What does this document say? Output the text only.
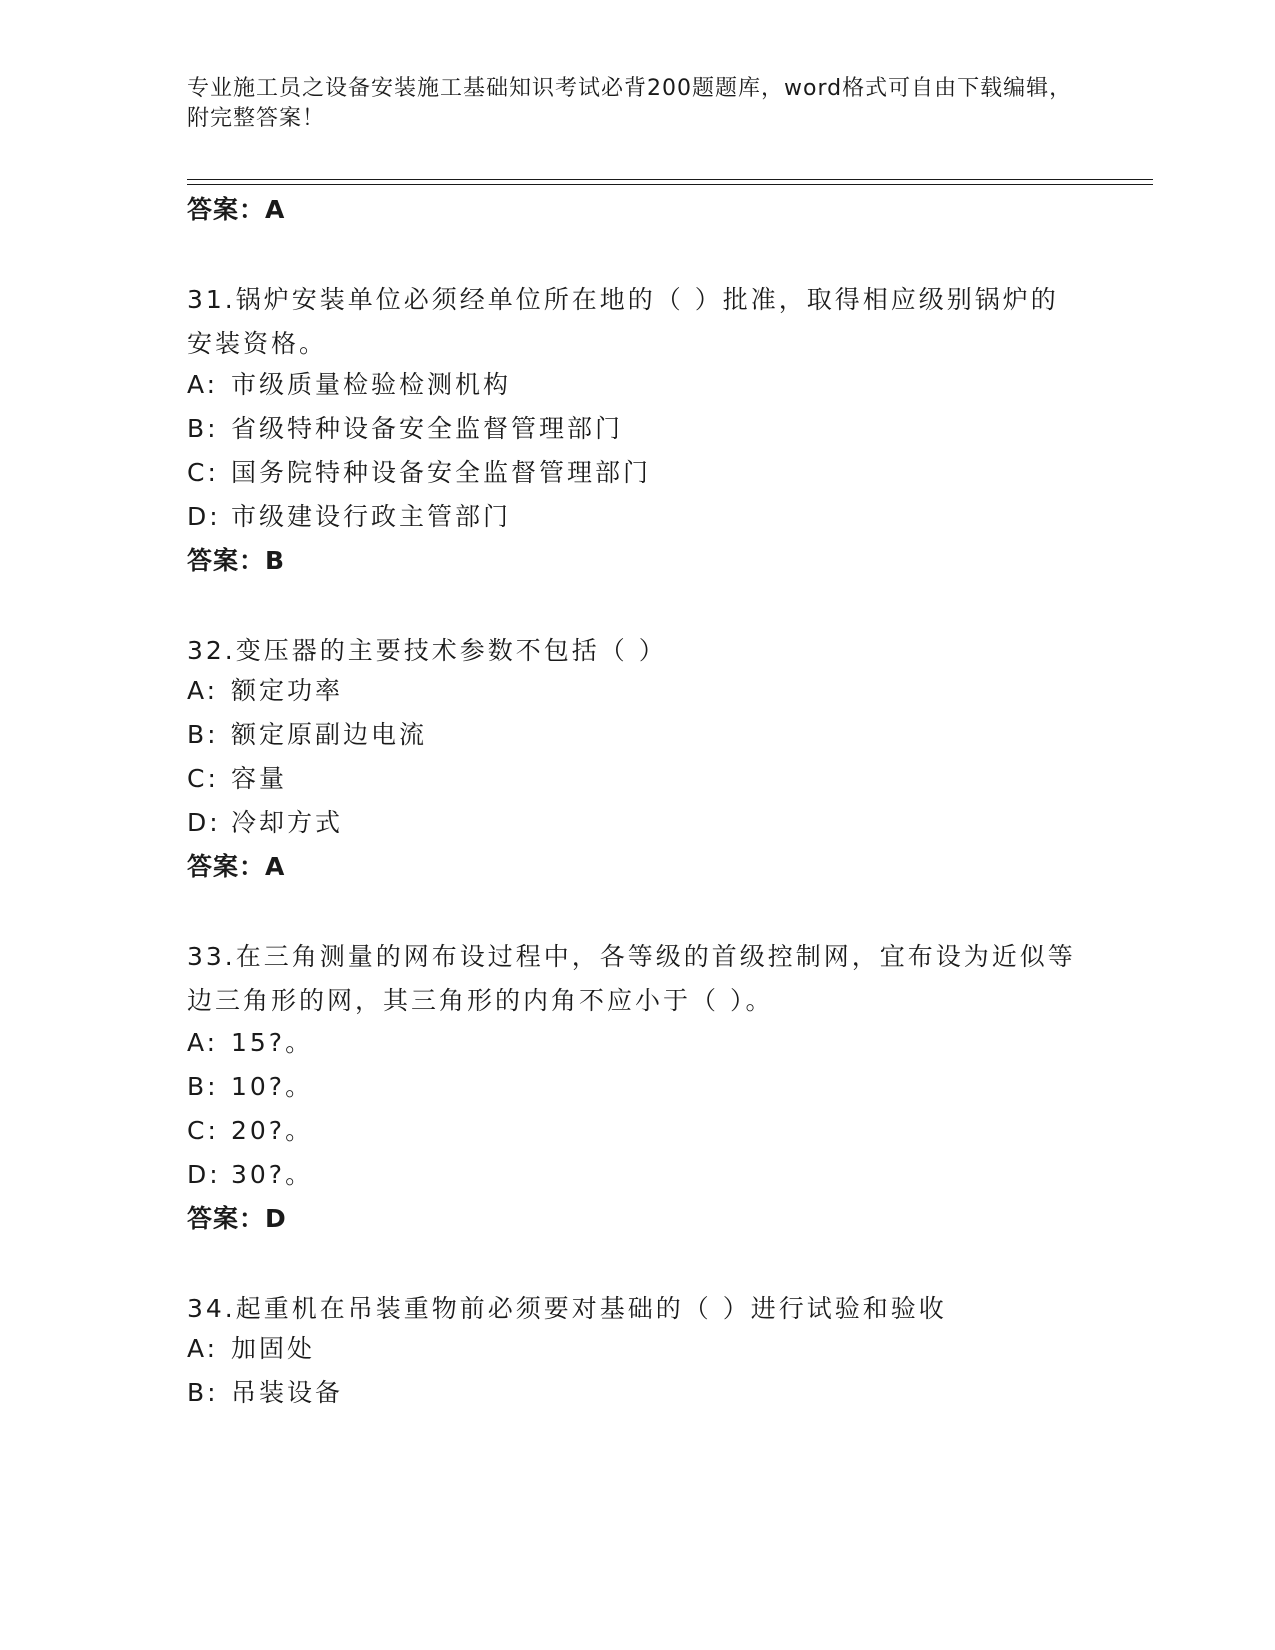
专业施工员之设备安装施工基础知识考试必背200题题库，word格式可自由下载编辑，附完整答案！
答案：A
31.锅炉安装单位必须经单位所在地的（ ）批准，取得相应级别锅炉的安装资格。
A: 市级质量检验检测机构
B: 省级特种设备安全监督管理部门
C: 国务院特种设备安全监督管理部门
D: 市级建设行政主管部门
答案：B
32.变压器的主要技术参数不包括（ ）
A: 额定功率
B: 额定原副边电流
C: 容量
D: 冷却方式
答案：A
33.在三角测量的网布设过程中，各等级的首级控制网，宜布设为近似等边三角形的网，其三角形的内角不应小于（ ）。
A: 15?。
B: 10?。
C: 20?。
D: 30?。
答案：D
34.起重机在吊装重物前必须要对基础的（ ）进行试验和验收
A: 加固处
B: 吊装设备
